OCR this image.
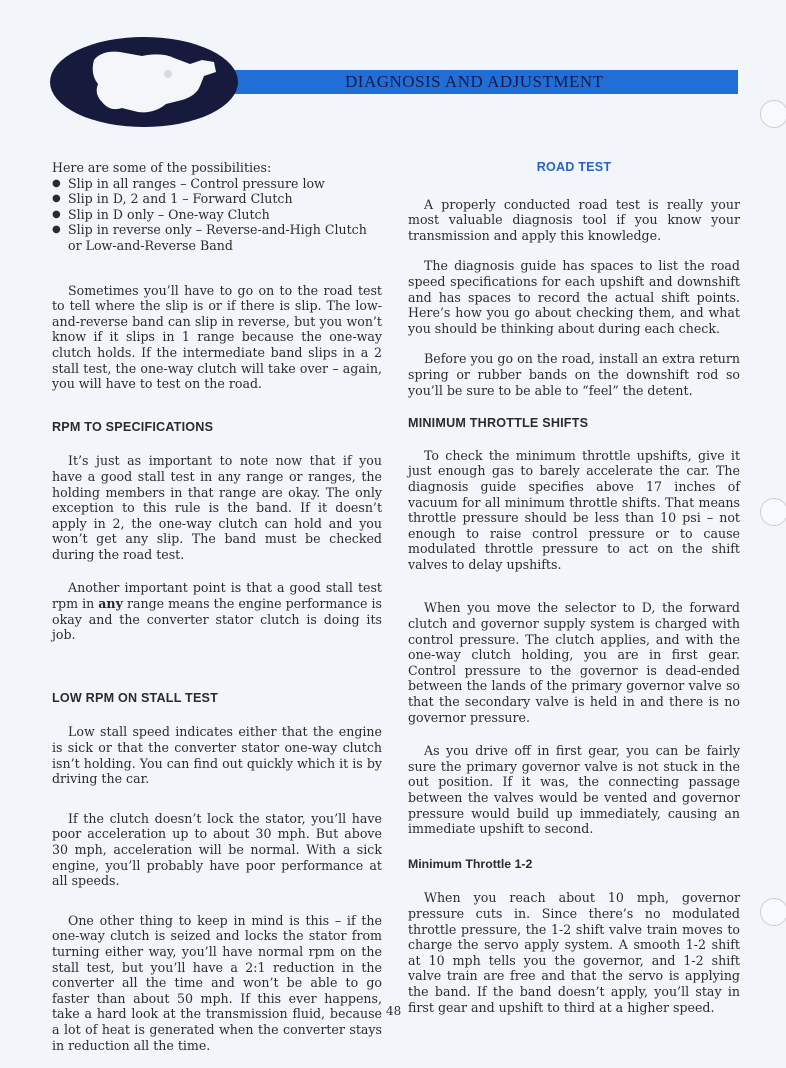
DIAGNOSIS AND ADJUSTMENT
Here are some of the possibilities:
● Slip in all ranges – Control pressure low
● Slip in D, 2 and 1 – Forward Clutch
● Slip in D only – One-way Clutch
● Slip in reverse only – Reverse-and-High Clutch or Low-and-Reverse Band

Sometimes you’ll have to go on to the road test to tell where the slip is or if there is slip. The low-and-reverse band can slip in reverse, but you won’t know if it slips in 1 range because the one-way clutch holds. If the intermediate band slips in a 2 stall test, the one-way clutch will take over – again, you will have to test on the road.

RPM TO SPECIFICATIONS

It’s just as important to note now that if you have a good stall test in any range or ranges, the holding members in that range are okay. The only exception to this rule is the band. If it doesn’t apply in 2, the one-way clutch can hold and you won’t get any slip. The band must be checked during the road test.

Another important point is that a good stall test rpm in any range means the engine performance is okay and the converter stator clutch is doing its job.

LOW RPM ON STALL TEST

Low stall speed indicates either that the engine is sick or that the converter stator one-way clutch isn’t holding. You can find out quickly which it is by driving the car.

If the clutch doesn’t lock the stator, you’ll have poor acceleration up to about 30 mph. But above 30 mph, acceleration will be normal. With a sick engine, you’ll probably have poor performance at all speeds.

One other thing to keep in mind is this – if the one-way clutch is seized and locks the stator from turning either way, you’ll have normal rpm on the stall test, but you’ll have a 2:1 reduction in the converter all the time and won’t be able to go faster than about 50 mph. If this ever happens, take a hard look at the transmission fluid, because a lot of heat is generated when the converter stays in reduction all the time.

ROAD TEST

A properly conducted road test is really your most valuable diagnosis tool if you know your transmission and apply this knowledge.

The diagnosis guide has spaces to list the road speed specifications for each upshift and downshift and has spaces to record the actual shift points. Here’s how you go about checking them, and what you should be thinking about during each check.

Before you go on the road, install an extra return spring or rubber bands on the downshift rod so you’ll be sure to be able to “feel” the detent.

MINIMUM THROTTLE SHIFTS

To check the minimum throttle upshifts, give it just enough gas to barely accelerate the car. The diagnosis guide specifies above 17 inches of vacuum for all minimum throttle shifts. That means throttle pressure should be less than 10 psi – not enough to raise control pressure or to cause modulated throttle pressure to act on the shift valves to delay upshifts.

When you move the selector to D, the forward clutch and governor supply system is charged with control pressure. The clutch applies, and with the one-way clutch holding, you are in first gear. Control pressure to the governor is dead-ended between the lands of the primary governor valve so that the secondary valve is held in and there is no governor pressure.

As you drive off in first gear, you can be fairly sure the primary governor valve is not stuck in the out position. If it was, the connecting passage between the valves would be vented and governor pressure would build up immediately, causing an immediate upshift to second.

Minimum Throttle 1-2

When you reach about 10 mph, governor pressure cuts in. Since there’s no modulated throttle pressure, the 1-2 shift valve train moves to charge the servo apply system. A smooth 1-2 shift at 10 mph tells you the governor, and 1-2 shift valve train are free and that the servo is applying the band. If the band doesn’t apply, you’ll stay in first gear and upshift to third at a higher speed.

48
